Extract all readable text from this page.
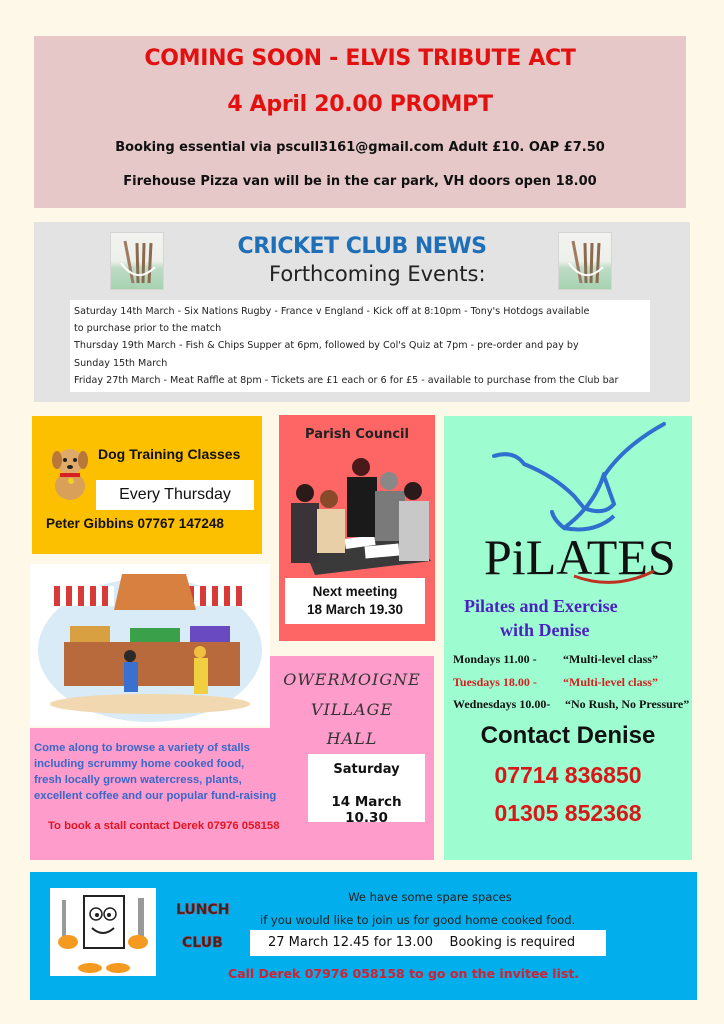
COMING SOON - ELVIS TRIBUTE ACT
4 April 20.00 PROMPT
Booking essential via pscull3161@gmail.com Adult £10. OAP £7.50
Firehouse Pizza van will be in the car park, VH doors open 18.00
CRICKET CLUB NEWS
Forthcoming Events:
Saturday 14th March - Six Nations Rugby - France v England - Kick off at 8:10pm - Tony's Hotdogs available
to purchase prior to the match
Thursday 19th March - Fish & Chips Supper at 6pm, followed by Col's Quiz at 7pm - pre-order and pay by
Sunday 15th March
Friday 27th March - Meat Raffle at 8pm - Tickets are £1 each or 6 for £5 - available to purchase from the Club bar
Dog Training Classes
Every Thursday
Peter Gibbins 07767 147248
Parish Council
Next meeting
18 March 19.30
PiLATES
Pilates and Exercise
with Denise
Mondays 11.00 - “Multi-level class”
Tuesdays 18.00 - “Multi-level class”
Wednesdays 10.00- “No Rush, No Pressure”
Contact Denise
07714 836850
01305 852368
OWERMOIGNE
VILLAGE
HALL
Come along to browse a variety of stalls
including scrummy home cooked food,
fresh locally grown watercress, plants,
excellent coffee and our popular fund-raising
To book a stall contact Derek 07976 058158
Saturday
14 March 10.30
LUNCH
CLUB
We have some spare spaces
if you would like to join us for good home cooked food.
27 March 12.45 for 13.00    Booking is required
Call Derek 07976 058158 to go on the invitee list.
